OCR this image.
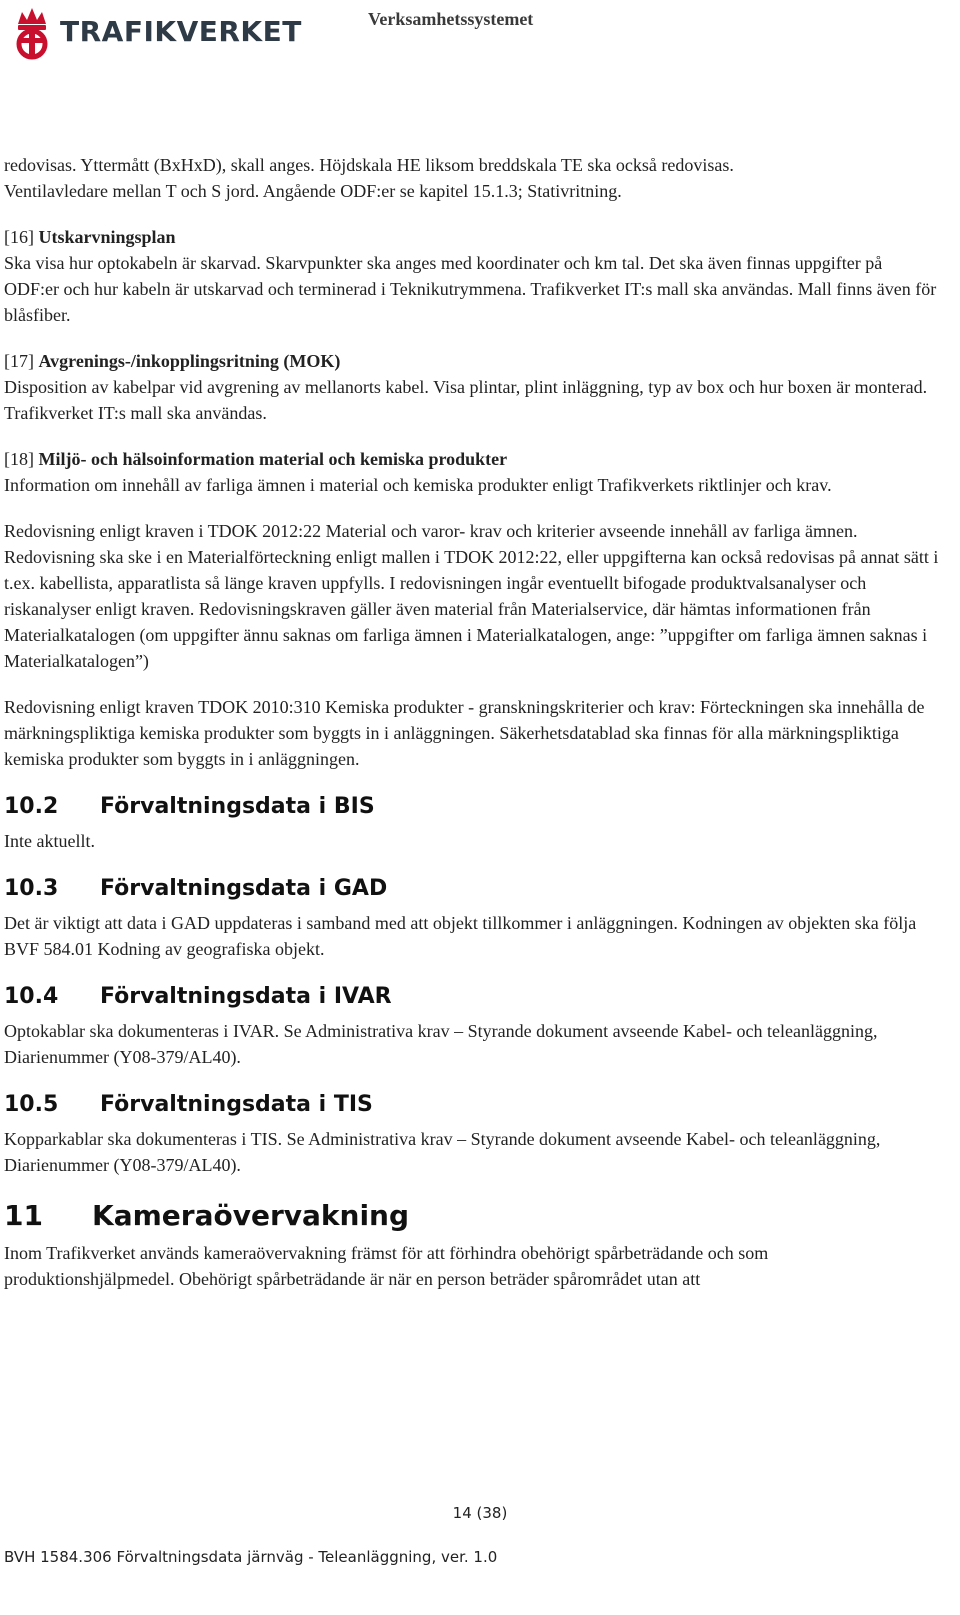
TRAFIKVERKET	Verksamhetssystemet

redovisas. Yttermått (BxHxD), skall anges. Höjdskala HE liksom breddskala TE ska också redovisas.
Ventilavledare mellan T och S jord. Angående ODF:er se kapitel 15.1.3; Stativritning.

[16] Utskarvningsplan
Ska visa hur optokabeln är skarvad. Skarvpunkter ska anges med koordinater och km tal. Det ska även finnas uppgifter på ODF:er och hur kabeln är utskarvad och terminerad i Teknikutrymmena. Trafikverket IT:s mall ska användas. Mall finns även för blåsfiber.

[17] Avgrenings-/inkopplingsritning (MOK)
Disposition av kabelpar vid avgrening av mellanorts kabel. Visa plintar, plint inläggning, typ av box och hur boxen är monterad. Trafikverket IT:s mall ska användas.

[18] Miljö- och hälsoinformation material och kemiska produkter
Information om innehåll av farliga ämnen i material och kemiska produkter enligt Trafikverkets riktlinjer och krav.

Redovisning enligt kraven i TDOK 2012:22 Material och varor- krav och kriterier avseende innehåll av farliga ämnen. Redovisning ska ske i en Materialförteckning enligt mallen i TDOK 2012:22, eller uppgifterna kan också redovisas på annat sätt i t.ex. kabellista, apparatlista så länge kraven uppfylls. I redovisningen ingår eventuellt bifogade produktvalsanalyser och riskanalyser enligt kraven. Redovisningskraven gäller även material från Materialservice, där hämtas informationen från Materialkatalogen (om uppgifter ännu saknas om farliga ämnen i Materialkatalogen, ange: ”uppgifter om farliga ämnen saknas i Materialkatalogen”)

Redovisning enligt kraven TDOK 2010:310 Kemiska produkter - granskningskriterier och krav: Förteckningen ska innehålla de märkningspliktiga kemiska produkter som byggts in i anläggningen. Säkerhetsdatablad ska finnas för alla märkningspliktiga kemiska produkter som byggts in i anläggningen.

10.2 Förvaltningsdata i BIS

Inte aktuellt.

10.3 Förvaltningsdata i GAD

Det är viktigt att data i GAD uppdateras i samband med att objekt tillkommer i anläggningen. Kodningen av objekten ska följa BVF 584.01 Kodning av geografiska objekt.

10.4 Förvaltningsdata i IVAR

Optokablar ska dokumenteras i IVAR. Se Administrativa krav – Styrande dokument avseende Kabel- och teleanläggning, Diarienummer (Y08-379/AL40).

10.5 Förvaltningsdata i TIS

Kopparkablar ska dokumenteras i TIS. Se Administrativa krav – Styrande dokument avseende Kabel- och teleanläggning, Diarienummer (Y08-379/AL40).

11 Kameraövervakning

Inom Trafikverket används kameraövervakning främst för att förhindra obehörigt spårbeträdande och som produktionshjälpmedel. Obehörigt spårbeträdande är när en person beträder spårområdet utan att

14 (38)
BVH 1584.306 Förvaltningsdata järnväg - Teleanläggning, ver. 1.0
